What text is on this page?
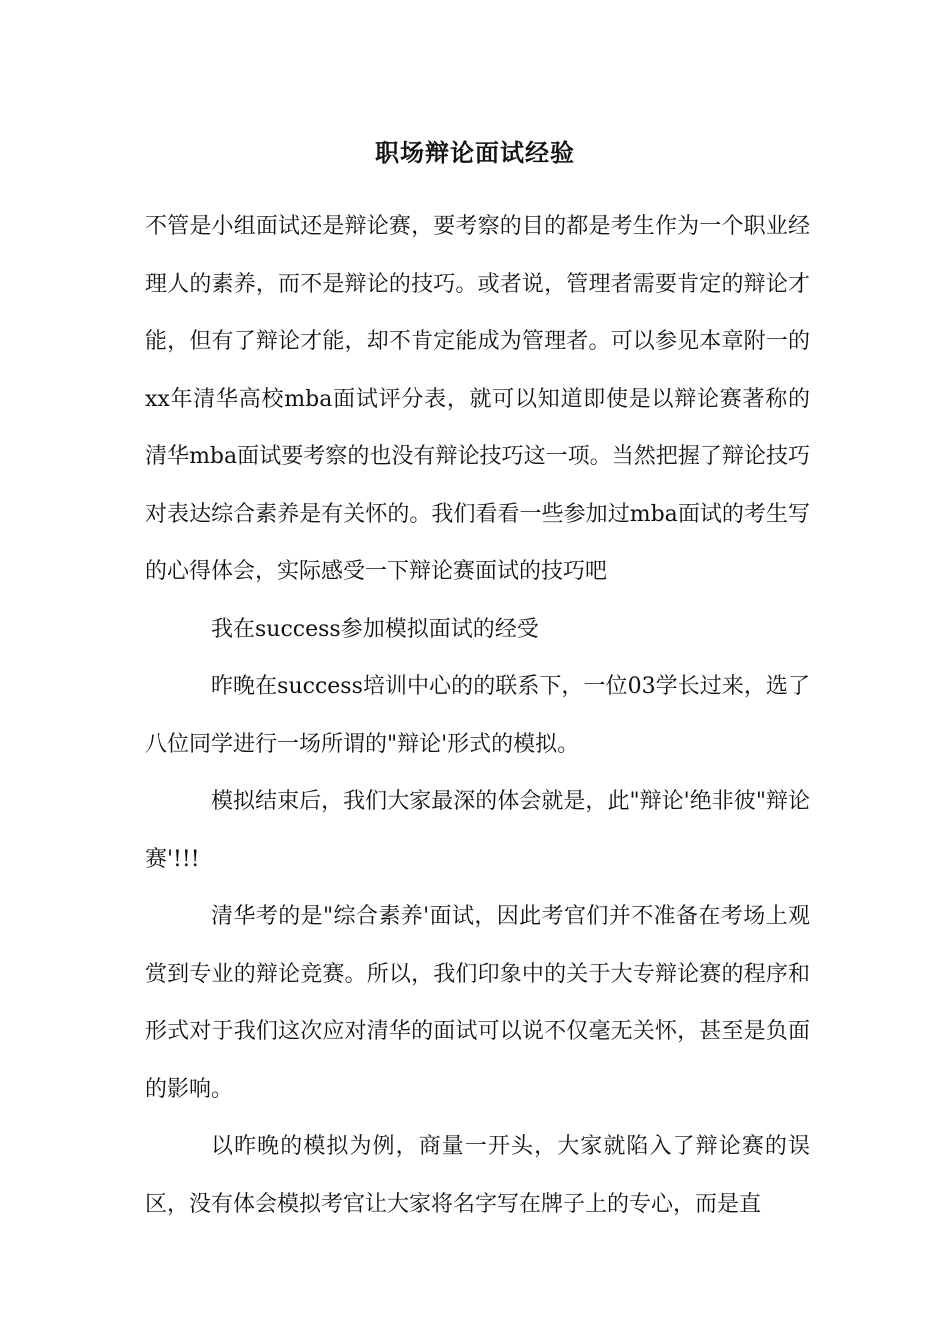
职场辩论面试经验

不管是小组面试还是辩论赛，要考察的目的都是考生作为一个职业经理人的素养，而不是辩论的技巧。或者说，管理者需要肯定的辩论才能，但有了辩论才能，却不肯定能成为管理者。可以参见本章附一的xx年清华高校mba面试评分表，就可以知道即使是以辩论赛著称的清华mba面试要考察的也没有辩论技巧这一项。当然把握了辩论技巧对表达综合素养是有关怀的。我们看看一些参加过mba面试的考生写的心得体会，实际感受一下辩论赛面试的技巧吧

我在success参加模拟面试的经受

昨晚在success培训中心的的联系下，一位03学长过来，选了八位同学进行一场所谓的"辩论'形式的模拟。

模拟结束后，我们大家最深的体会就是，此"辩论'绝非彼"辩论赛'!!!

清华考的是"综合素养'面试，因此考官们并不准备在考场上观赏到专业的辩论竞赛。所以，我们印象中的关于大专辩论赛的程序和形式对于我们这次应对清华的面试可以说不仅毫无关怀，甚至是负面的影响。

以昨晚的模拟为例，商量一开头，大家就陷入了辩论赛的误区，没有体会模拟考官让大家将名字写在牌子上的专心，而是直
